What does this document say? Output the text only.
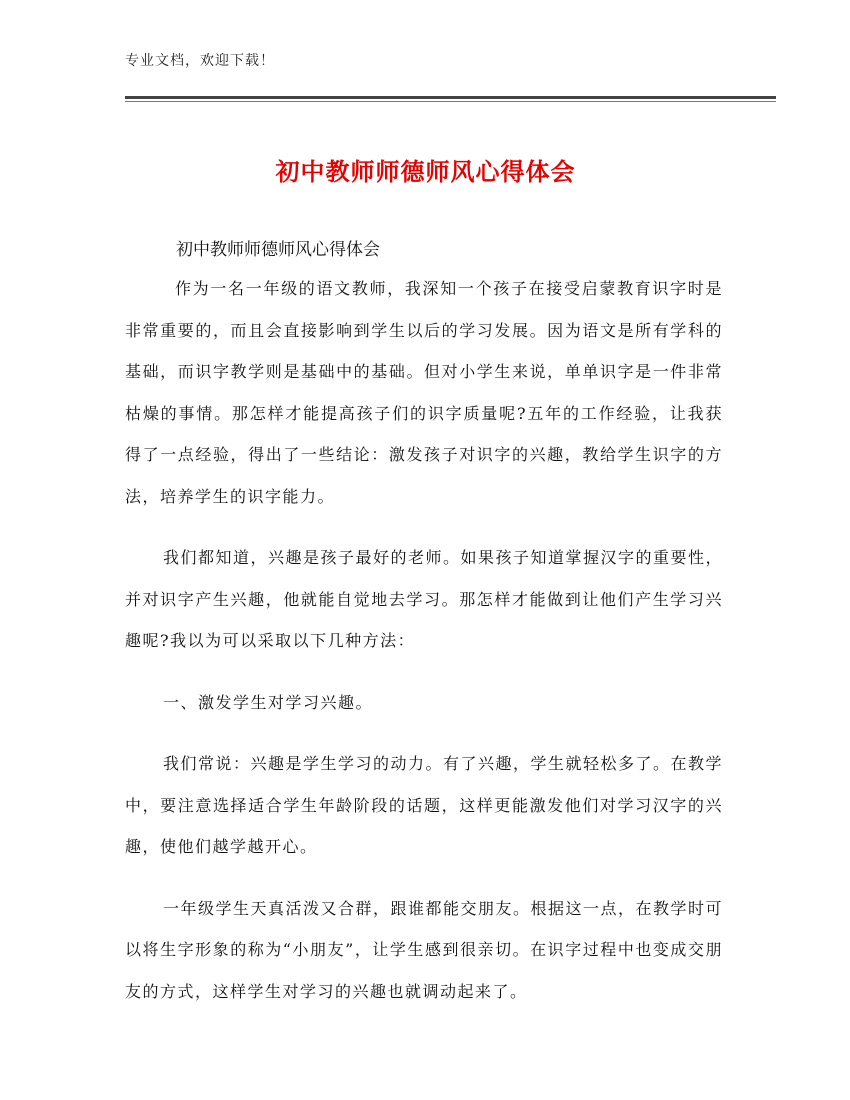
专业文档，欢迎下载！
初中教师师德师风心得体会
初中教师师德师风心得体会

作为一名一年级的语文教师，我深知一个孩子在接受启蒙教育识字时是非常重要的，而且会直接影响到学生以后的学习发展。因为语文是所有学科的基础，而识字教学则是基础中的基础。但对小学生来说，单单识字是一件非常枯燥的事情。那怎样才能提高孩子们的识字质量呢?五年的工作经验，让我获得了一点经验，得出了一些结论：激发孩子对识字的兴趣，教给学生识字的方法，培养学生的识字能力。

我们都知道，兴趣是孩子最好的老师。如果孩子知道掌握汉字的重要性，并对识字产生兴趣，他就能自觉地去学习。那怎样才能做到让他们产生学习兴趣呢?我以为可以采取以下几种方法：

一、激发学生对学习兴趣。

我们常说：兴趣是学生学习的动力。有了兴趣，学生就轻松多了。在教学中，要注意选择适合学生年龄阶段的话题，这样更能激发他们对学习汉字的兴趣，使他们越学越开心。

一年级学生天真活泼又合群，跟谁都能交朋友。根据这一点，在教学时可以将生字形象的称为“小朋友”，让学生感到很亲切。在识字过程中也变成交朋友的方式，这样学生对学习的兴趣也就调动起来了。
